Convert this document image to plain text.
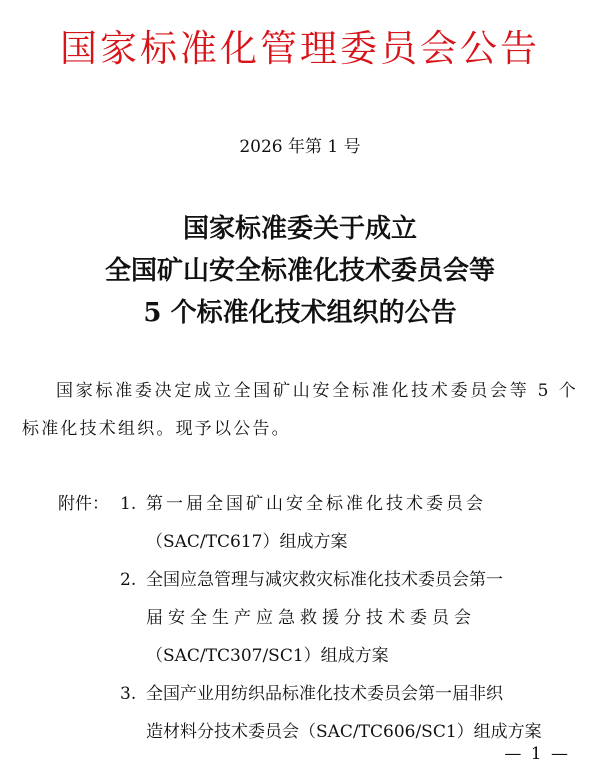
国家标准化管理委员会公告
2026 年第 1 号
国家标准委关于成立
全国矿山安全标准化技术委员会等
5 个标准化技术组织的公告
国家标准委决定成立全国矿山安全标准化技术委员会等 5 个标准化技术组织。现予以公告。
附件： 1. 第一届全国矿山安全标准化技术委员会
（SAC/TC617）组成方案
2. 全国应急管理与减灾救灾标准化技术委员会第一
届安全生产应急救援分技术委员会
（SAC/TC307/SC1）组成方案
3. 全国产业用纺织品标准化技术委员会第一届非织
造材料分技术委员会（SAC/TC606/SC1）组成方案
— 1 —
